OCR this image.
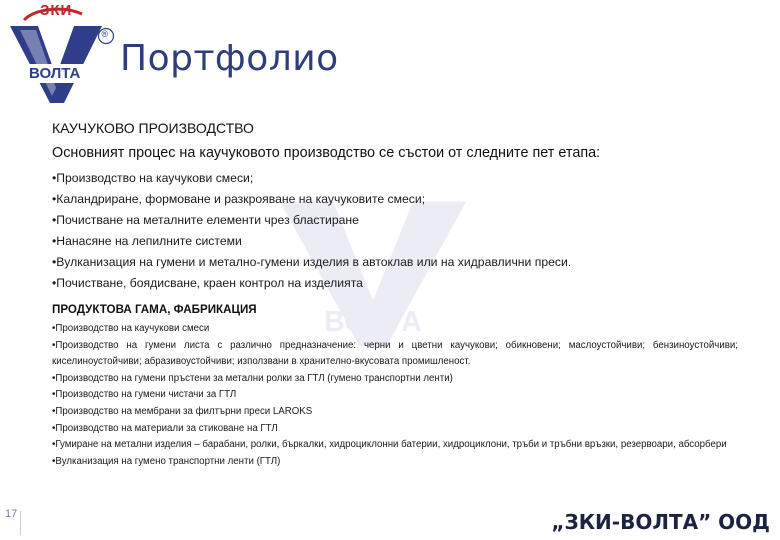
ВОЛТА
ЗКИ
ВОЛТА
®
Портфолио
КАУЧУКОВО ПРОИЗВОДСТВО
Основният процес на каучуковото производство се състои от следните пет етапа:
•Производство на каучукови смеси;
•Каландриране, формоване и разкрояване на каучуковите смеси;
•Почистване на металните елементи чрез бластиране
•Нанасяне на лепилните системи
•Вулканизация на гумени и метално-гумени изделия в автоклав или на хидравлични преси.
•Почистване, боядисване, краен контрол на изделията
ПРОДУКТОВА ГАМА, ФАБРИКАЦИЯ
•Производство на каучукови смеси
•Производство на гумени листа с различно предназначение: черни и цветни каучукови; обикновени; маслоустойчиви; бензиноустойчиви; киселиноустойчиви; абразивоустойчиви; използвани в хранително-вкусовата промишленост.
•Производство на гумени пръстени за метални ролки за ГТЛ (гумено транспортни ленти)
•Производство на гумени чистачи за ГТЛ
•Производство на мембрани за филтърни преси LAROKS
•Производство на материали за стиковане на ГТЛ
•Гумиране на метални изделия – барабани, ролки, бъркалки, хидроциклонни батерии, хидроциклони, тръби и тръбни връзки, резервоари, абсорбери
•Вулканизация на гумено транспортни ленти (ГТЛ)
17	„ЗКИ-ВОЛТА” ООД
